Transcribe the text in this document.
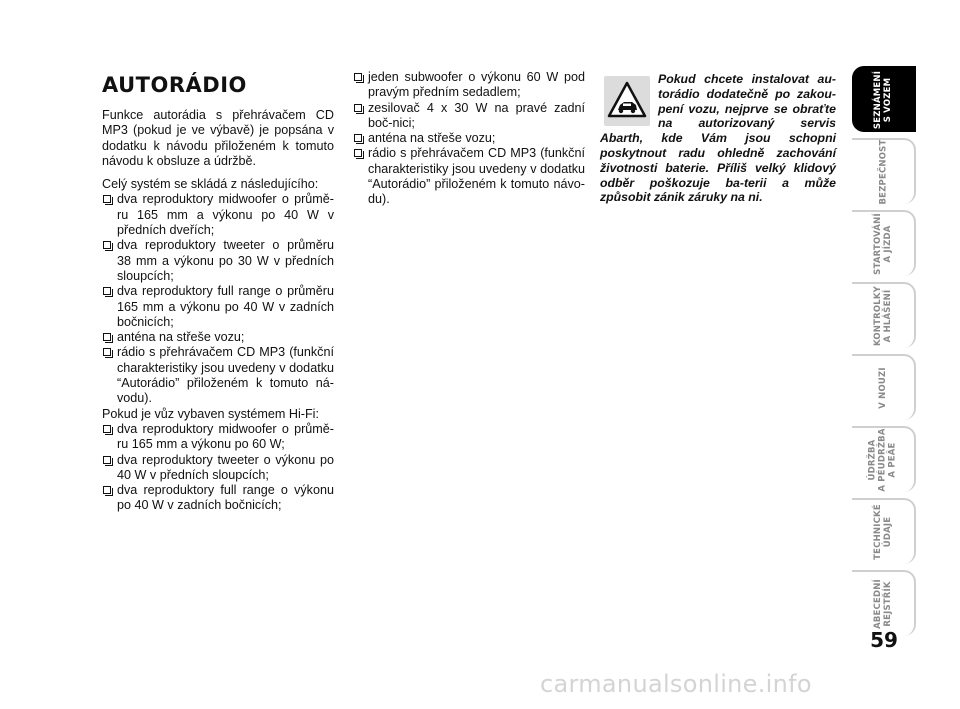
AUTORÁDIO

Funkce autorádia s přehrávačem CD MP3 (pokud je ve výbavě) je popsána v dodatku k návodu přiloženém k tomuto návodu k obsluze a údržbě.

Celý systém se skládá z následujícího:

dva reproduktory midwoofer o průmě-ru 165 mm a výkonu po 40 W v předních dveřích;
dva reproduktory tweeter o průměru 38 mm a výkonu po 30 W v předních sloupcích;
dva reproduktory full range o průměru 165 mm a výkonu po 40 W v zadních bočnicích;
anténa na střeše vozu;
rádio s přehrávačem CD MP3 (funkční charakteristiky jsou uvedeny v dodatku “Autorádio” přiloženém k tomuto ná-vodu).

Pokud je vůz vybaven systémem Hi-Fi:

dva reproduktory midwoofer o průmě-ru 165 mm a výkonu po 60 W;
dva reproduktory tweeter o výkonu po 40 W v předních sloupcích;
dva reproduktory full range o výkonu po 40 W v zadních bočnicích;
jeden subwoofer o výkonu 60 W pod pravým předním sedadlem;
zesilovač 4 x 30 W na pravé zadní boč-nici;
anténa na střeše vozu;
rádio s přehrávačem CD MP3 (funkční charakteristiky jsou uvedeny v dodatku “Autorádio” přiloženém k tomuto návo-du).

Pokud chcete instalovat au-torádio dodatečně po zakou-pení vozu, nejprve se obraťte na autorizovaný servis Abarth, kde Vám jsou schopni poskytnout radu ohledně zachování životnosti baterie. Příliš velký klidový odběr poškozuje ba-terii a může způsobit zánik záruky na ni.

SEZNÁMENÍ
S VOZEM
BEZPEČNOST
STARTOVÁNÍ
A JÍZDA
KONTROLKY
A HLÁŠENÍ
V NOUZI
ÚDRŽBA
A PÉUDRŽBA
A PEÂE
TECHNICKÉ
ÚDAJE
ABECEDNÍ
REJSTŘÍK
59
carmanualsonline.info
